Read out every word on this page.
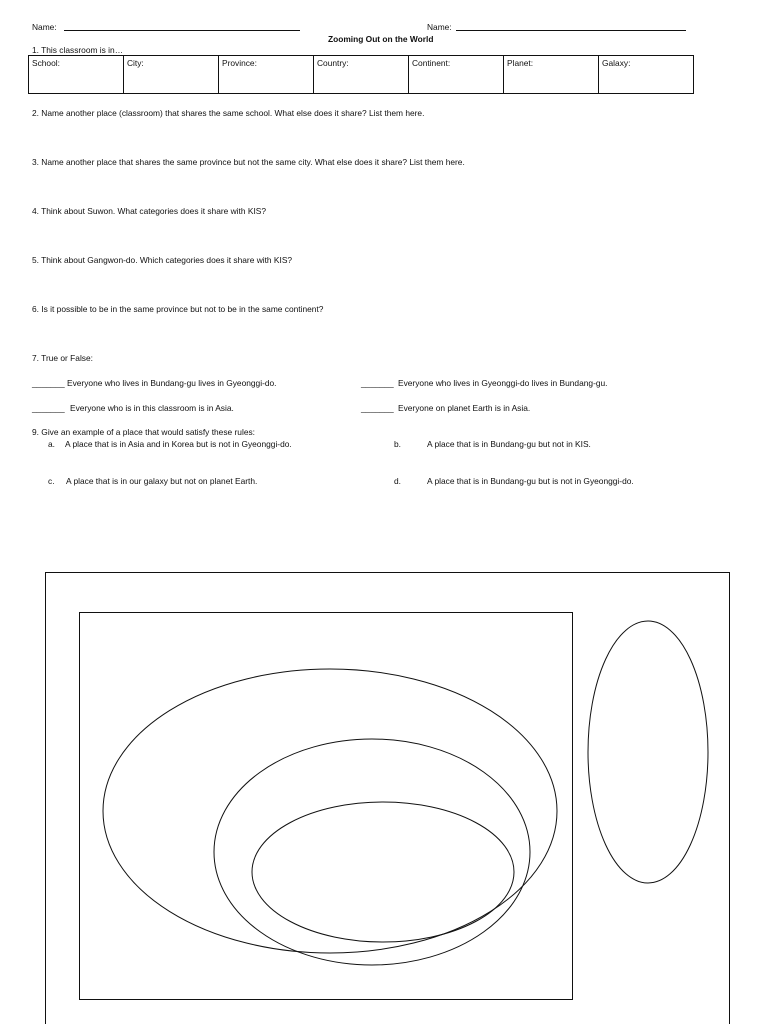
Name:	Name:
Zooming Out on the World
1. This classroom is in…
School:	City:	Province:	Country:	Continent:	Planet:	Galaxy:
2. Name another place (classroom) that shares the same school. What else does it share? List them here.
3. Name another place that shares the same province but not the same city. What else does it share? List them here.
4. Think about Suwon. What categories does it share with KIS?
5. Think about Gangwon-do. Which categories does it share with KIS?
6. Is it possible to be in the same province but not to be in the same continent?
7. True or False:
_______ Everyone who lives in Bundang-gu lives in Gyeonggi-do.	_______ Everyone who lives in Gyeonggi-do lives in Bundang-gu.
_______ Everyone who is in this classroom is in Asia.	_______ Everyone on planet Earth is in Asia.
9. Give an example of a place that would satisfy these rules:
a. A place that is in Asia and in Korea but is not in Gyeonggi-do.	b.	A place that is in Bundang-gu but not in KIS.
c. A place that is in our galaxy but not on planet Earth.	d.	A place that is in Bundang-gu but is not in Gyeonggi-do.
